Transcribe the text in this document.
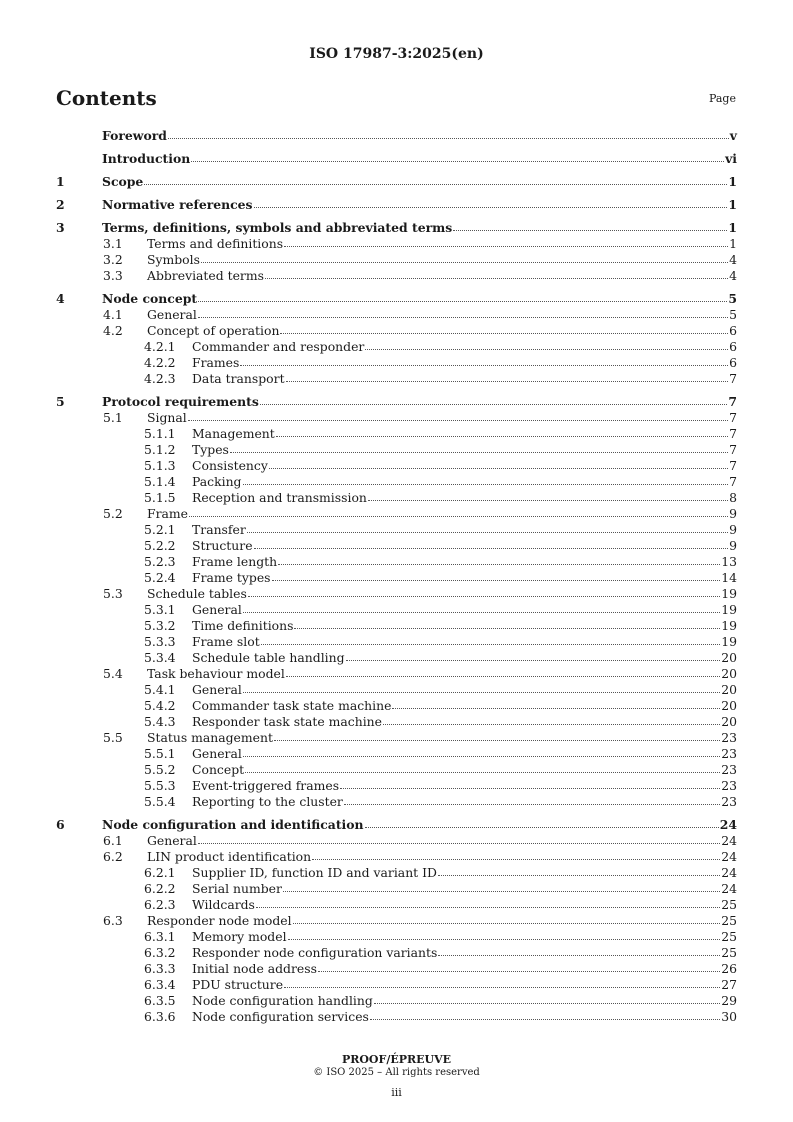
ISO 17987-3:2025(en)
Contents	Page
Foreword	v
Introduction	vi
1	Scope	1
2	Normative references	1
3	Terms, definitions, symbols and abbreviated terms	1
3.1	Terms and definitions	1
3.2	Symbols	4
3.3	Abbreviated terms	4
4	Node concept	5
4.1	General	5
4.2	Concept of operation	6
4.2.1	Commander and responder	6
4.2.2	Frames	6
4.2.3	Data transport	7
5	Protocol requirements	7
5.1	Signal	7
5.1.1	Management	7
5.1.2	Types	7
5.1.3	Consistency	7
5.1.4	Packing	7
5.1.5	Reception and transmission	8
5.2	Frame	9
5.2.1	Transfer	9
5.2.2	Structure	9
5.2.3	Frame length	13
5.2.4	Frame types	14
5.3	Schedule tables	19
5.3.1	General	19
5.3.2	Time definitions	19
5.3.3	Frame slot	19
5.3.4	Schedule table handling	20
5.4	Task behaviour model	20
5.4.1	General	20
5.4.2	Commander task state machine	20
5.4.3	Responder task state machine	20
5.5	Status management	23
5.5.1	General	23
5.5.2	Concept	23
5.5.3	Event-triggered frames	23
5.5.4	Reporting to the cluster	23
6	Node configuration and identification	24
6.1	General	24
6.2	LIN product identification	24
6.2.1	Supplier ID, function ID and variant ID	24
6.2.2	Serial number	24
6.2.3	Wildcards	25
6.3	Responder node model	25
6.3.1	Memory model	25
6.3.2	Responder node configuration variants	25
6.3.3	Initial node address	26
6.3.4	PDU structure	27
6.3.5	Node configuration handling	29
6.3.6	Node configuration services	30
PROOF/ÉPREUVE
© ISO 2025 – All rights reserved
iii
